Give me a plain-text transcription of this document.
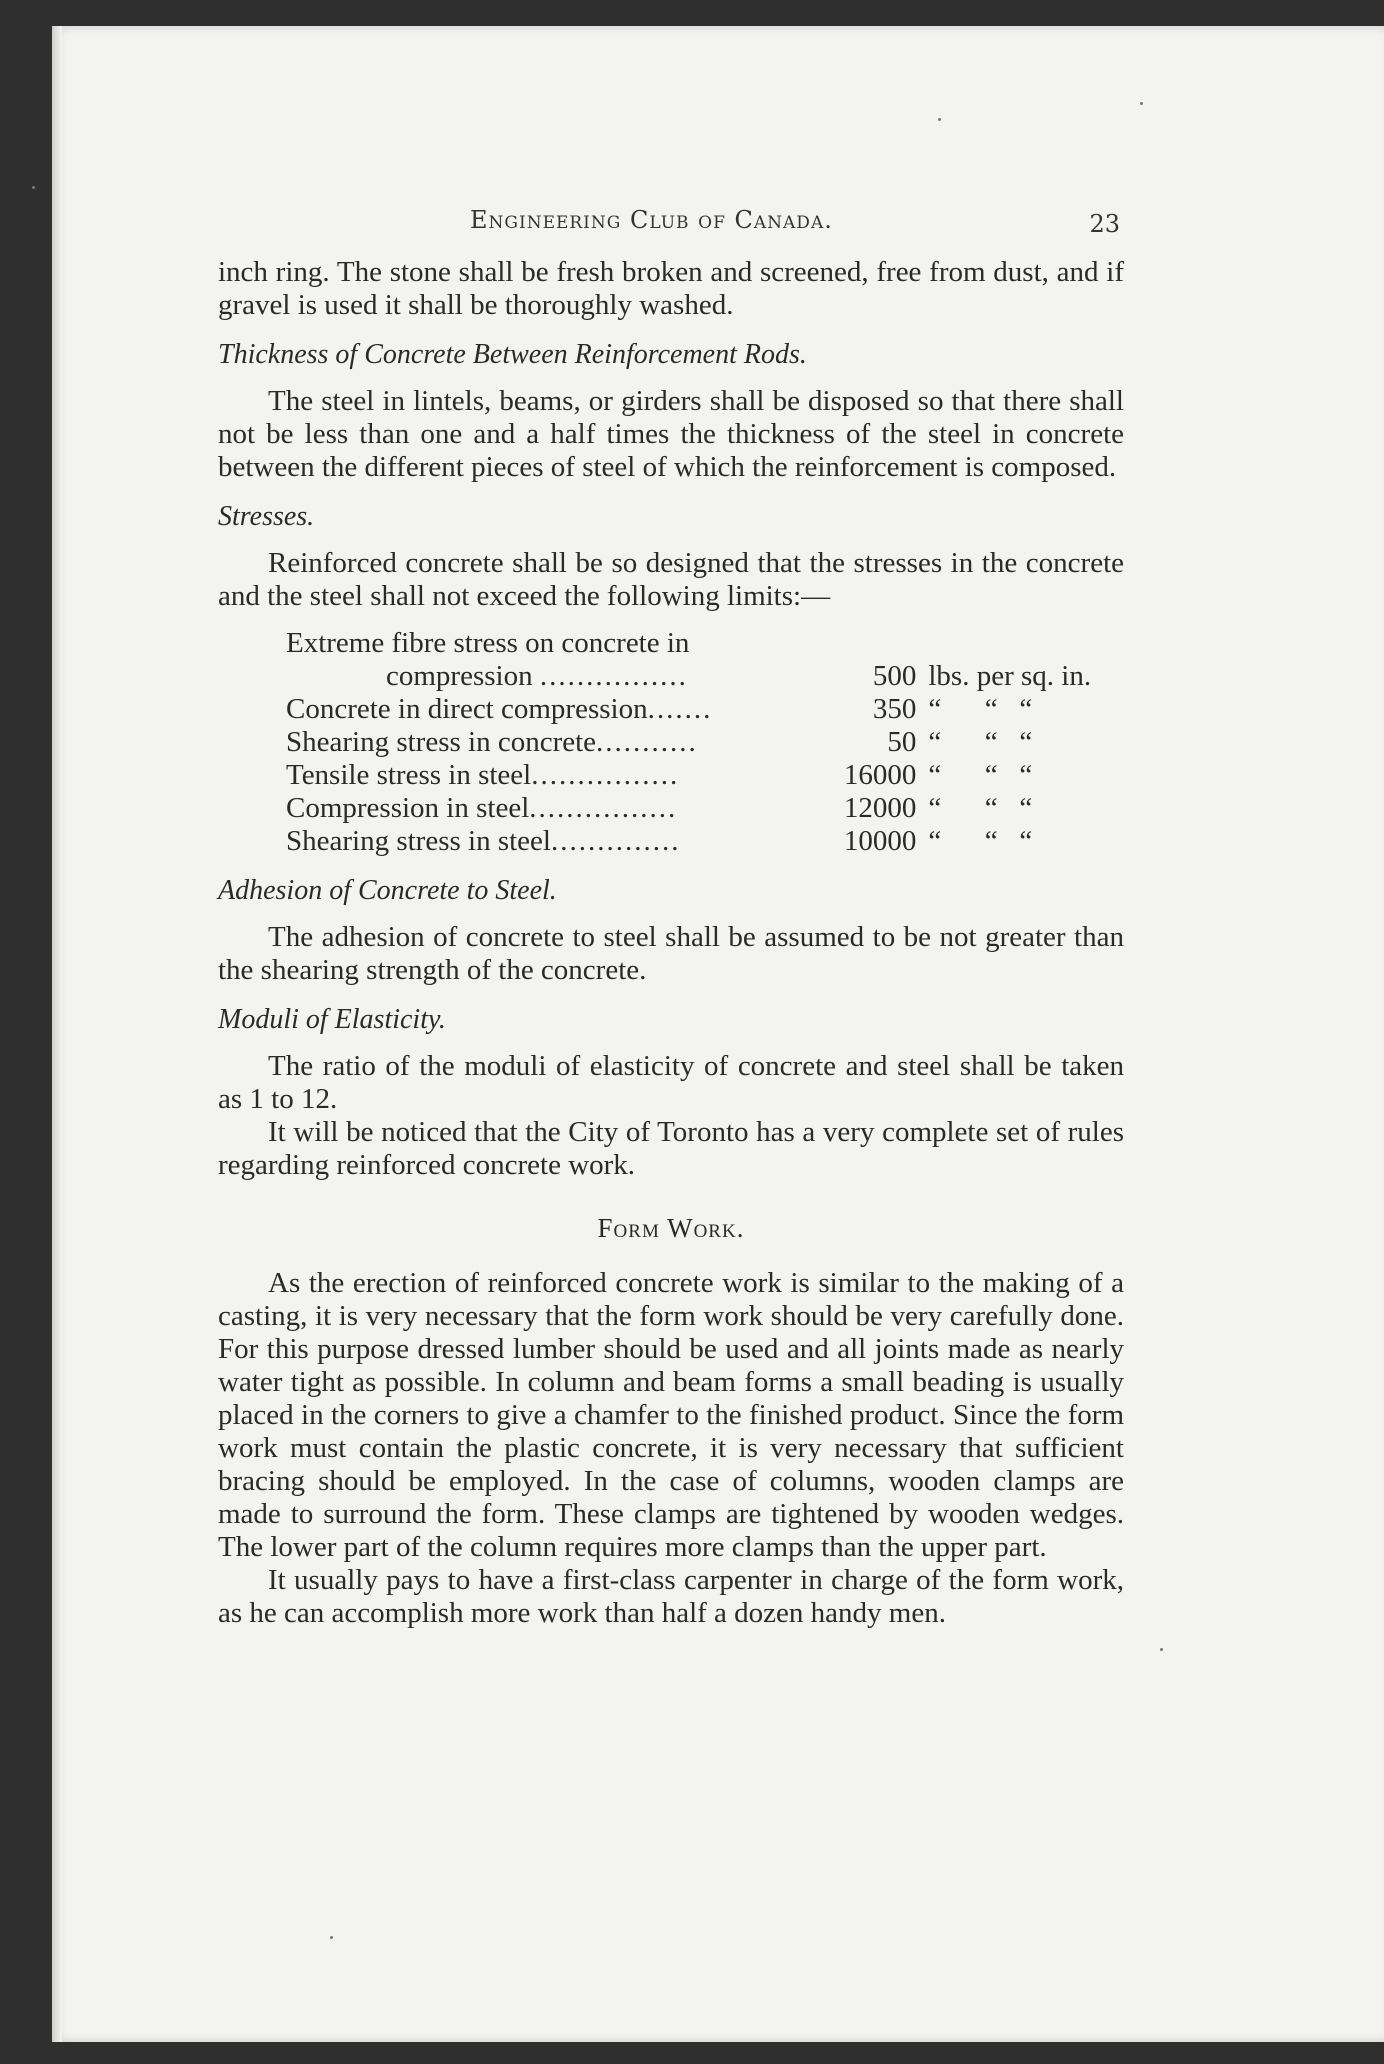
Engineering Club of Canada.	23

inch ring. The stone shall be fresh broken and screened, free from dust, and if gravel is used it shall be thoroughly washed.

Thickness of Concrete Between Reinforcement Rods.

The steel in lintels, beams, or girders shall be disposed so that there shall not be less than one and a half times the thickness of the steel in concrete between the different pieces of steel of which the reinforcement is composed.

Stresses.

Reinforced concrete shall be so designed that the stresses in the concrete and the steel shall not exceed the following limits:—

Extreme fibre stress on concrete in
compression ................	500	lbs. per sq. in.

Concrete in direct compression.......	350	“      “   “

Shearing stress in concrete...........	50	“      “   “

Tensile stress in steel................	16000	“      “   “

Compression in steel................	12000	“      “   “

Shearing stress in steel..............	10000	“      “   “
Adhesion of Concrete to Steel.

The adhesion of concrete to steel shall be assumed to be not greater than the shearing strength of the concrete.

Moduli of Elasticity.

The ratio of the moduli of elasticity of concrete and steel shall be taken as 1 to 12.

It will be noticed that the City of Toronto has a very complete set of rules regarding reinforced concrete work.

Form Work.

As the erection of reinforced concrete work is similar to the making of a casting, it is very necessary that the form work should be very carefully done. For this purpose dressed lumber should be used and all joints made as nearly water tight as possible. In column and beam forms a small beading is usually placed in the corners to give a chamfer to the finished product. Since the form work must contain the plastic concrete, it is very necessary that sufficient bracing should be employed. In the case of columns, wooden clamps are made to surround the form. These clamps are tightened by wooden wedges. The lower part of the column requires more clamps than the upper part.

It usually pays to have a first-class carpenter in charge of the form work, as he can accomplish more work than half a dozen handy men.
